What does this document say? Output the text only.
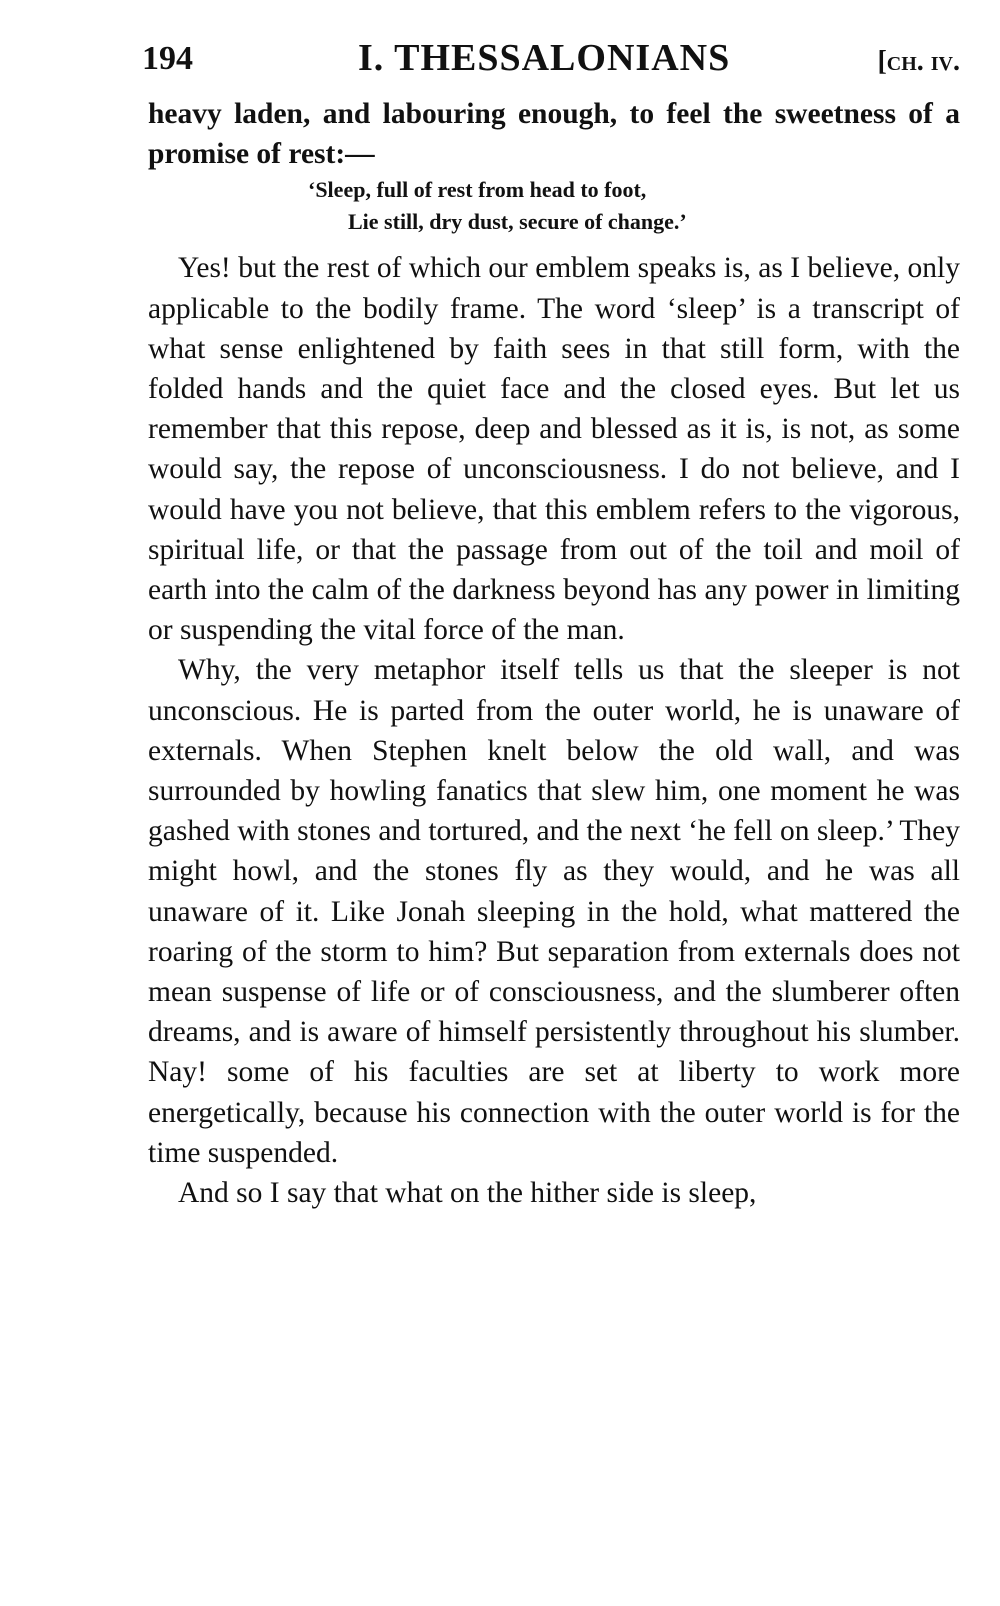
194	I. THESSALONIANS	[ch. iv.

heavy laden, and labouring enough, to feel the sweetness of a promise of rest:—

‘Sleep, full of rest from head to foot,
Lie still, dry dust, secure of change.’

Yes! but the rest of which our emblem speaks is, as I believe, only applicable to the bodily frame. The word ‘sleep’ is a transcript of what sense enlightened by faith sees in that still form, with the folded hands and the quiet face and the closed eyes. But let us remember that this repose, deep and blessed as it is, is not, as some would say, the repose of unconsciousness. I do not believe, and I would have you not believe, that this emblem refers to the vigorous, spiritual life, or that the passage from out of the toil and moil of earth into the calm of the darkness beyond has any power in limiting or suspending the vital force of the man.

Why, the very metaphor itself tells us that the sleeper is not unconscious. He is parted from the outer world, he is unaware of externals. When Stephen knelt below the old wall, and was surrounded by howling fanatics that slew him, one moment he was gashed with stones and tortured, and the next ‘he fell on sleep.’ They might howl, and the stones fly as they would, and he was all unaware of it. Like Jonah sleeping in the hold, what mattered the roaring of the storm to him? But separation from externals does not mean suspense of life or of consciousness, and the slumberer often dreams, and is aware of himself persistently throughout his slumber. Nay! some of his faculties are set at liberty to work more energetically, because his connection with the outer world is for the time suspended.

And so I say that what on the hither side is sleep,
